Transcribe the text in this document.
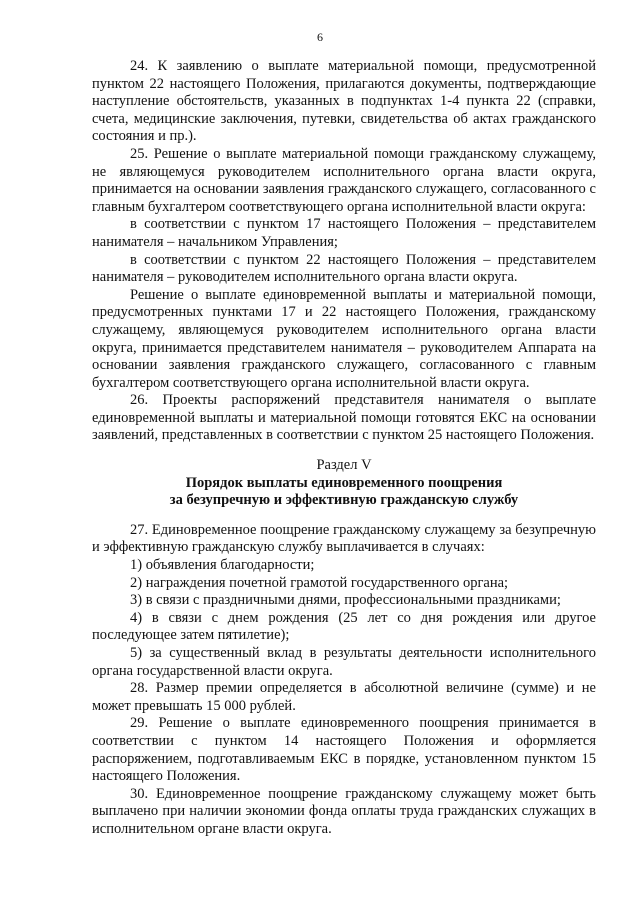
6

24. К заявлению о выплате материальной помощи, предусмотренной пунктом 22 настоящего Положения, прилагаются документы, подтверждающие наступление обстоятельств, указанных в подпунктах 1-4 пункта 22 (справки, счета, медицинские заключения, путевки, свидетельства об актах гражданского состояния и пр.).

25. Решение о выплате материальной помощи гражданскому служащему, не являющемуся руководителем исполнительного органа власти округа, принимается на основании заявления гражданского служащего, согласованного с главным бухгалтером соответствующего органа исполнительной власти округа:

в соответствии с пунктом 17 настоящего Положения – представителем нанимателя – начальником Управления;

в соответствии с пунктом 22 настоящего Положения – представителем нанимателя – руководителем исполнительного органа власти округа.

Решение о выплате единовременной выплаты и материальной помощи, предусмотренных пунктами 17 и 22 настоящего Положения, гражданскому служащему, являющемуся руководителем исполнительного органа власти округа, принимается представителем нанимателя – руководителем Аппарата на основании заявления гражданского служащего, согласованного с главным бухгалтером соответствующего органа исполнительной власти округа.

26. Проекты распоряжений представителя нанимателя о выплате единовременной выплаты и материальной помощи готовятся ЕКС на основании заявлений, представленных в соответствии с пунктом 25 настоящего Положения.

Раздел V
Порядок выплаты единовременного поощрения
за безупречную и эффективную гражданскую службу

27. Единовременное поощрение гражданскому служащему за безупречную и эффективную гражданскую службу выплачивается в случаях:

1) объявления благодарности;

2) награждения почетной грамотой государственного органа;

3) в связи с праздничными днями, профессиональными праздниками;

4) в связи с днем рождения (25 лет со дня рождения или другое последующее затем пятилетие);

5) за существенный вклад в результаты деятельности исполнительного органа государственной власти округа.

28. Размер премии определяется в абсолютной величине (сумме) и не может превышать 15 000 рублей.

29. Решение о выплате единовременного поощрения принимается в соответствии с пунктом 14 настоящего Положения и оформляется распоряжением, подготавливаемым ЕКС в порядке, установленном пунктом 15 настоящего Положения.

30. Единовременное поощрение гражданскому служащему может быть выплачено при наличии экономии фонда оплаты труда гражданских служащих в исполнительном органе власти округа.
